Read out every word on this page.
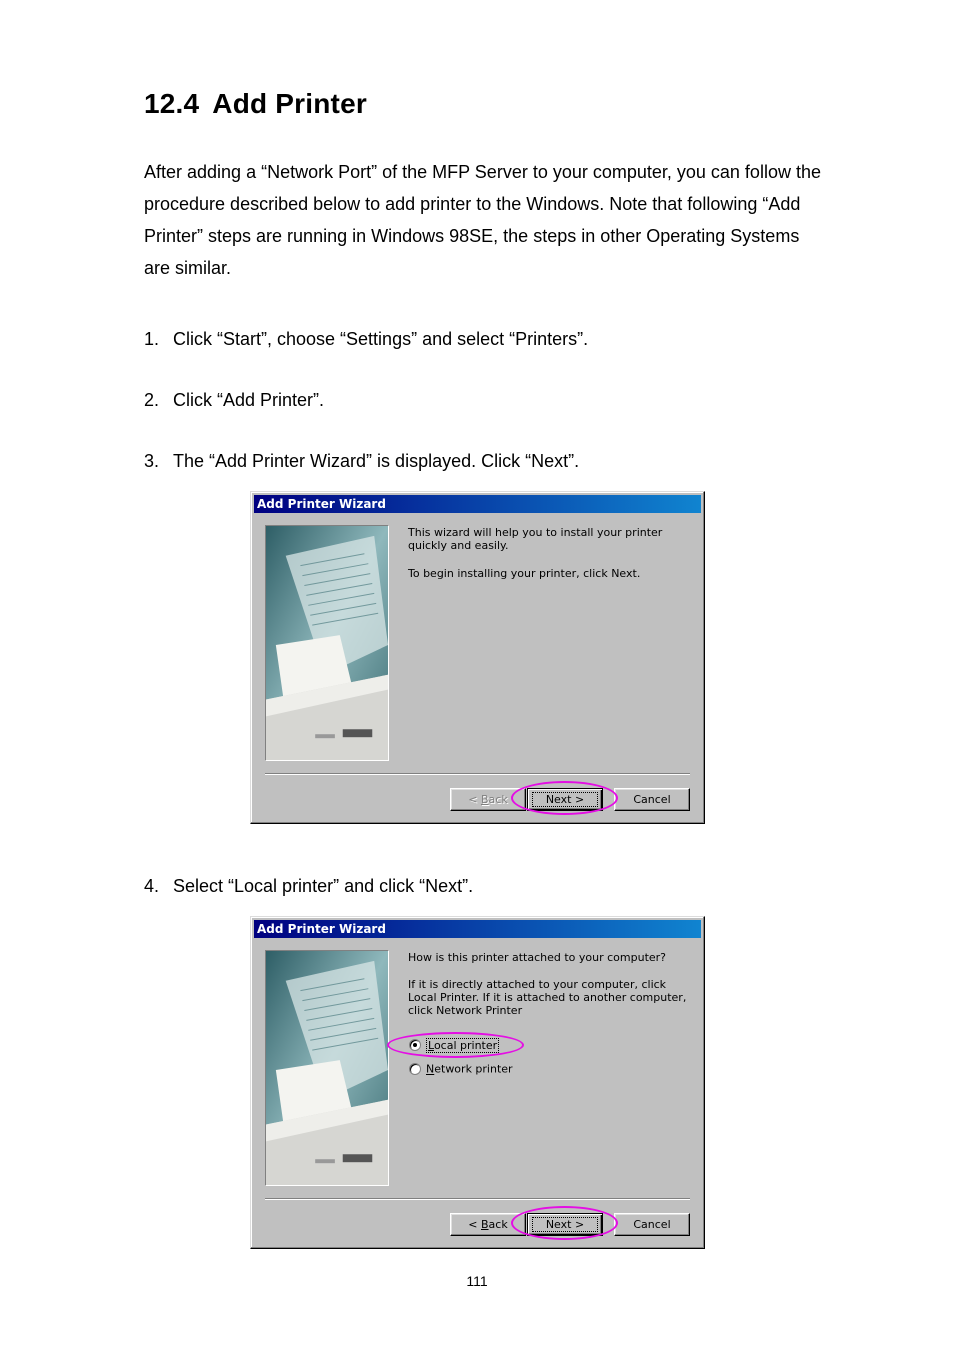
12.4 Add Printer

After adding a “Network Port” of the MFP Server to your computer, you can follow the procedure described below to add printer to the Windows. Note that following “Add Printer” steps are running in Windows 98SE, the steps in other Operating Systems are similar.

1. Click “Start”, choose “Settings” and select “Printers”.

2. Click “Add Printer”.

3. The “Add Printer Wizard” is displayed. Click “Next”.

Add Printer Wizard

This wizard will help you to install your printer quickly and easily.

To begin installing your printer, click Next.

< Back	Next >	Cancel

4. Select “Local printer” and click “Next”.

Add Printer Wizard

How is this printer attached to your computer?

If it is directly attached to your computer, click Local Printer. If it is attached to another computer, click Network Printer

Local printer
Network printer
< Back	Next >	Cancel

111
